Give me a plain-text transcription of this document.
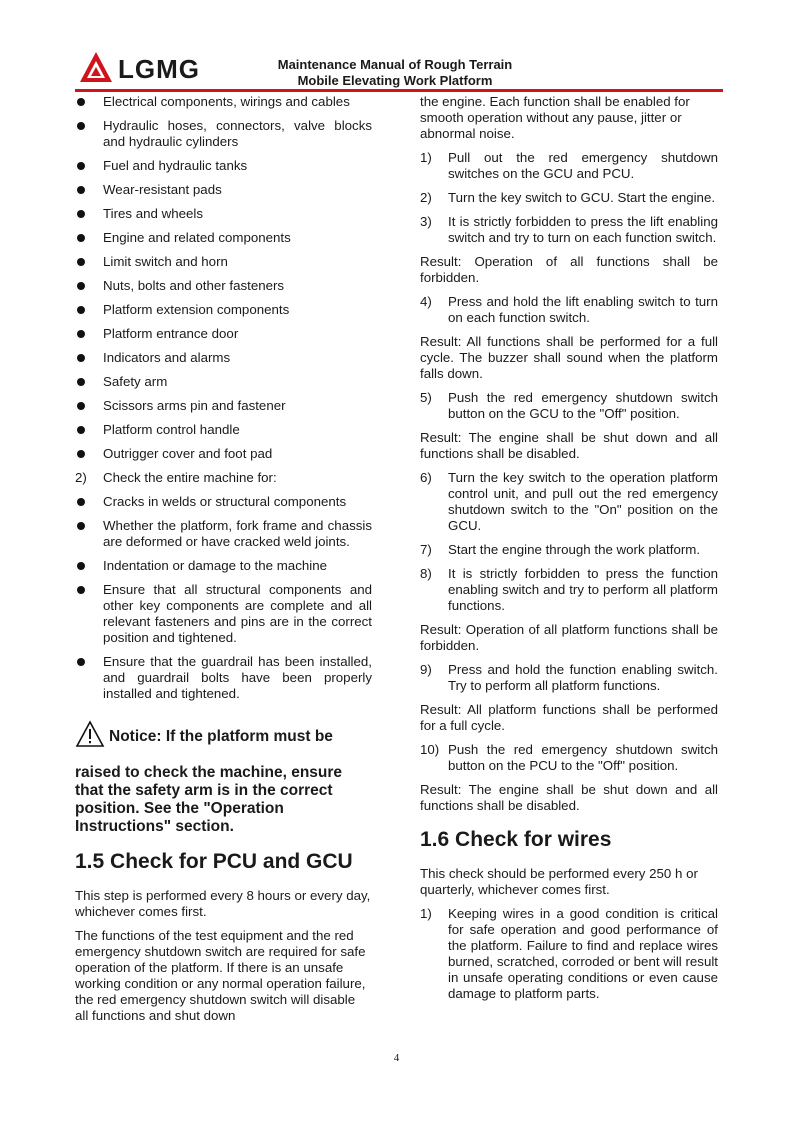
LGMG	Maintenance Manual of Rough Terrain
Mobile Elevating Work Platform
Electrical components, wirings and cables
Hydraulic hoses, connectors, valve blocks and hydraulic cylinders
Fuel and hydraulic tanks
Wear-resistant pads
Tires and wheels
Engine and related components
Limit switch and horn
Nuts, bolts and other fasteners
Platform extension components
Platform entrance door
Indicators and alarms
Safety arm
Scissors arms pin and fastener
Platform control handle
Outrigger cover and foot pad
2) Check the entire machine for:
Cracks in welds or structural components
Whether the platform, fork frame and chassis are deformed or have cracked weld joints.
Indentation or damage to the machine
Ensure that all structural components and other key components are complete and all relevant fasteners and pins are in the correct position and tightened.
Ensure that the guardrail has been installed, and guardrail bolts have been properly installed and tightened.
Notice: If the platform must be
raised to check the machine, ensure that the safety arm is in the correct position. See the "Operation Instructions" section.
1.5 Check for PCU and GCU

This step is performed every 8 hours or every day, whichever comes first.

The functions of the test equipment and the red emergency shutdown switch are required for safe operation of the platform. If there is an unsafe working condition or any normal operation failure, the red emergency shutdown switch will disable all functions and shut down

the engine. Each function shall be enabled for smooth operation without any pause, jitter or abnormal noise.

1) Pull out the red emergency shutdown switches on the GCU and PCU.
2) Turn the key switch to GCU. Start the engine.
3) It is strictly forbidden to press the lift enabling switch and try to turn on each function switch.

Result: Operation of all functions shall be forbidden.

4) Press and hold the lift enabling switch to turn on each function switch.

Result: All functions shall be performed for a full cycle. The buzzer shall sound when the platform falls down.

5) Push the red emergency shutdown switch button on the GCU to the "Off" position.

Result: The engine shall be shut down and all functions shall be disabled.

6) Turn the key switch to the operation platform control unit, and pull out the red emergency shutdown switch to the "On" position on the GCU.
7) Start the engine through the work platform.
8) It is strictly forbidden to press the function enabling switch and try to perform all platform functions.

Result: Operation of all platform functions shall be forbidden.

9) Press and hold the function enabling switch. Try to perform all platform functions.

Result: All platform functions shall be performed for a full cycle.

10) Push the red emergency shutdown switch button on the PCU to the "Off" position.

Result: The engine shall be shut down and all functions shall be disabled.

1.6 Check for wires

This check should be performed every 250 h or quarterly, whichever comes first.

1) Keeping wires in a good condition is critical for safe operation and good performance of the platform. Failure to find and replace wires burned, scratched, corroded or bent will result in unsafe operating conditions or even cause damage to platform parts.
4
